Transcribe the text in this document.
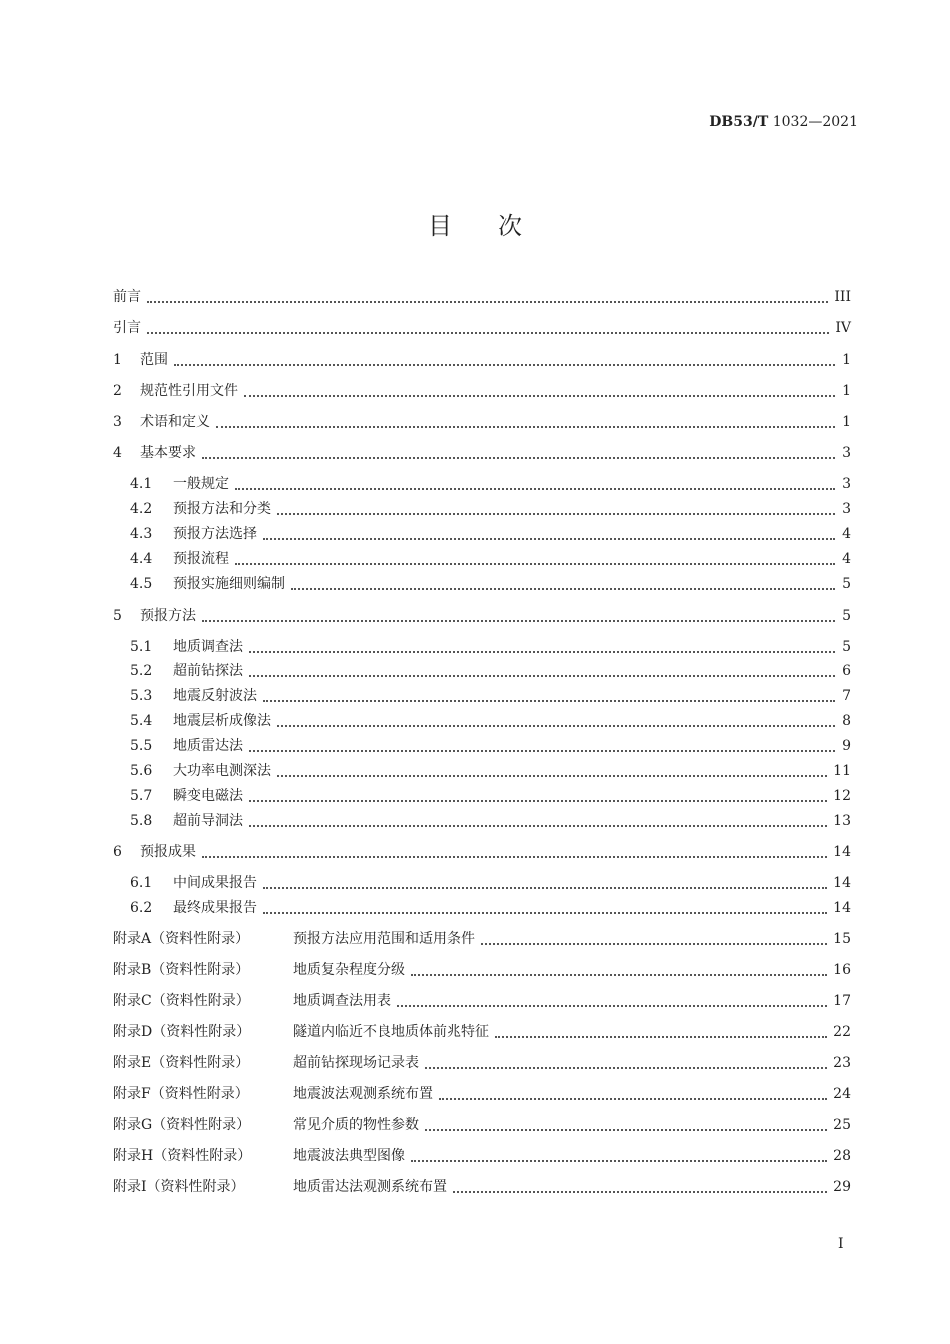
DB53/T 1032—2021
目次
前言	III
引言	IV
1	范围	1
2	规范性引用文件	1
3	术语和定义	1
4	基本要求	3
4.1	一般规定	3
4.2	预报方法和分类	3
4.3	预报方法选择	4
4.4	预报流程	4
4.5	预报实施细则编制	5
5	预报方法	5
5.1	地质调查法	5
5.2	超前钻探法	6
5.3	地震反射波法	7
5.4	地震层析成像法	8
5.5	地质雷达法	9
5.6	大功率电测深法	11
5.7	瞬变电磁法	12
5.8	超前导洞法	13
6	预报成果	14
6.1	中间成果报告	14
6.2	最终成果报告	14
附录A（资料性附录）	预报方法应用范围和适用条件	15
附录B（资料性附录）	地质复杂程度分级	16
附录C（资料性附录）	地质调查法用表	17
附录D（资料性附录）	隧道内临近不良地质体前兆特征	22
附录E（资料性附录）	超前钻探现场记录表	23
附录F（资料性附录）	地震波法观测系统布置	24
附录G（资料性附录）	常见介质的物性参数	25
附录H（资料性附录）	地震波法典型图像	28
附录I（资料性附录）	地质雷达法观测系统布置	29
I
